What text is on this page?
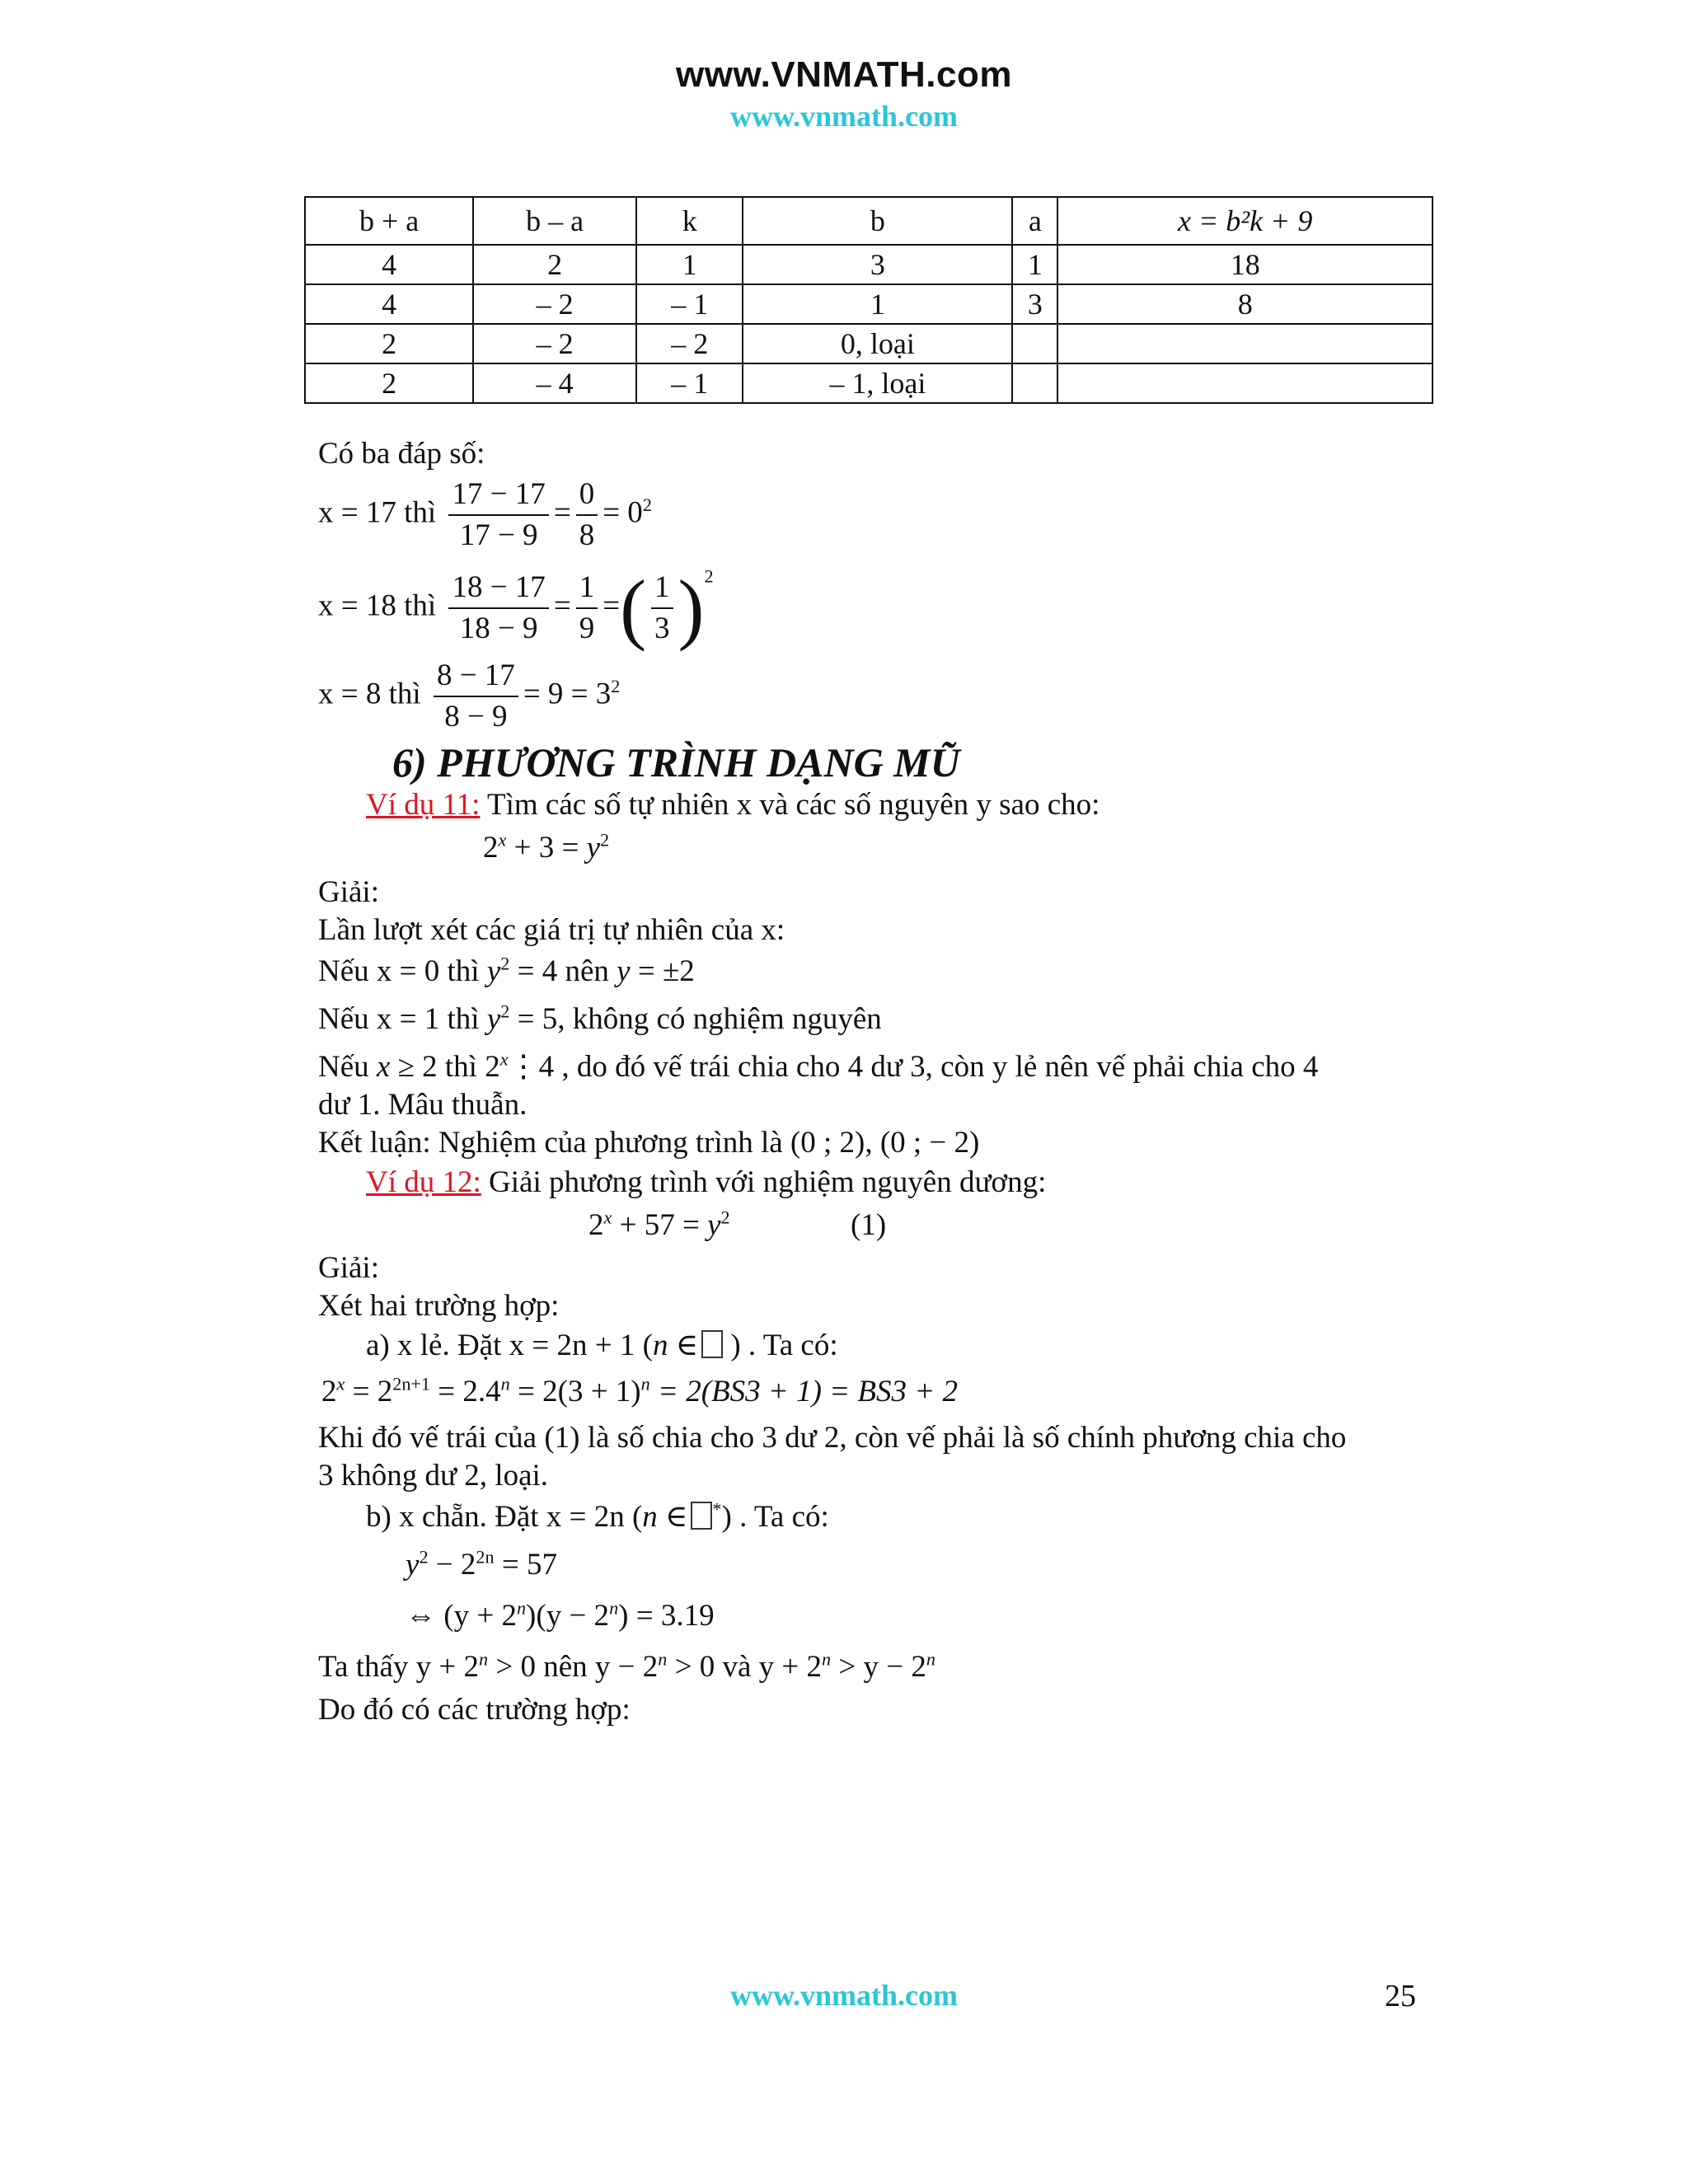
www.VNMATH.com
www.vnmath.com
b + a	b – a	k	b	a	x = b²k + 9
4	2	1	3	1	18
4	– 2	– 1	1	3	8
2	– 2	– 2	0, loại		
2	– 4	– 1	– 1, loại		
Có ba đáp số:
x = 17 thì $\frac{17 - 17}{17 - 9} = \frac{0}{8} = 0^2$
x = 18 thì $\frac{18 - 17}{18 - 9} = \frac{1}{9}$ = ( $\frac{1}{3}$ ) $^2$
x = 8 thì $\frac{8 - 17}{8 - 9} = 9 = 3^2$
6) PHƯƠNG TRÌNH DẠNG MŨ
Ví dụ 11: Tìm các số tự nhiên x và các số nguyên y sao cho:
$2^x + 3 = y^2$
Giải:
Lần lượt xét các giá trị tự nhiên của x:
Nếu x = 0 thì $y^2 = 4$ nên y = ±2
Nếu x = 1 thì $y^2 = 5$, không có nghiệm nguyên
Nếu x ≥ 2 thì 2$^x$⋮4 , do đó vế trái chia cho 4 dư 3, còn y lẻ nên vế phải chia cho 4
dư 1. Mâu thuẫn.
Kết luận: Nghiệm của phương trình là (0 ; 2), (0 ; − 2)
Ví dụ 12: Giải phương trình với nghiệm nguyên dương:
$2^x + 57 = y^2$	(1)
Giải:
Xét hai trường hợp:
a) x lẻ. Đặt x = 2n + 1 (n ∈ ) . Ta có:
$2^x = 2^{2n+1} = 2.4^n = 2(3 + 1)^n = 2(BS3 + 1) = BS3 + 2$
Khi đó vế trái của (1) là số chia cho 3 dư 2, còn vế phải là số chính phương chia cho
3 không dư 2, loại.
b) x chẵn. Đặt x = 2n (n ∈ *) . Ta có:
$y^2 - 2^{2n} = 57$
⇔ $(y + 2^n)(y - 2^n) = 3.19$
Ta thấy $y + 2^n > 0$ nên $y - 2^n > 0$ và $y + 2^n > y - 2^n$
Do đó có các trường hợp:
www.vnmath.com	25
